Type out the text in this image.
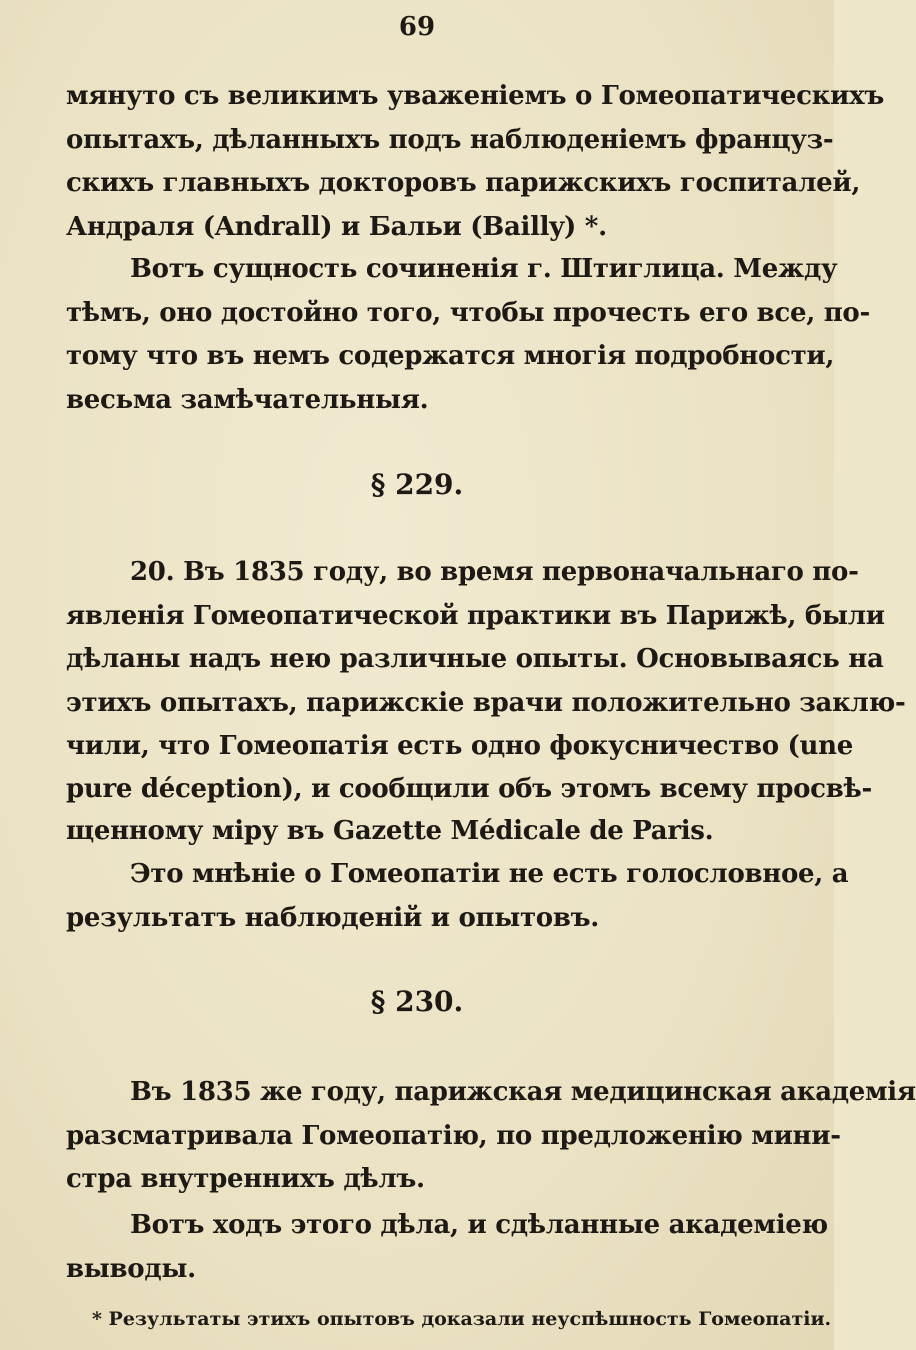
69
мянуто съ великимъ уваженіемъ о Гомеопатическихъ
опытахъ, дѣланныхъ подъ наблюденіемъ француз-
скихъ главныхъ докторовъ парижскихъ госпиталей,
Андраля (Andrall) и Бальи (Bailly) *.
Вотъ сущность сочиненія г. Штиглица. Между
тѣмъ, оно достойно того, чтобы прочесть его все, по-
тому что въ немъ содержатся многія подробности,
весьма замѣчательныя.
§ 229.
20. Въ 1835 году, во время первоначальнаго по-
явленія Гомеопатической практики въ Парижѣ, были
дѣланы надъ нею различные опыты. Основываясь на
этихъ опытахъ, парижскіе врачи положительно заклю-
чили, что Гомеопатія есть одно фокусничество (une
pure déception), и сообщили объ этомъ всему просвѣ-
щенному міру въ Gazette Médicale de Paris.
Это мнѣніе о Гомеопатіи не есть голословное, а
результатъ наблюденій и опытовъ.
§ 230.
Въ 1835 же году, парижская медицинская академія
разсматривала Гомеопатію, по предложенію мини-
стра внутреннихъ дѣлъ.
Вотъ ходъ этого дѣла, и сдѣланные академіею
выводы.
* Результаты этихъ опытовъ доказали неуспѣшность Гомеопатіи.
